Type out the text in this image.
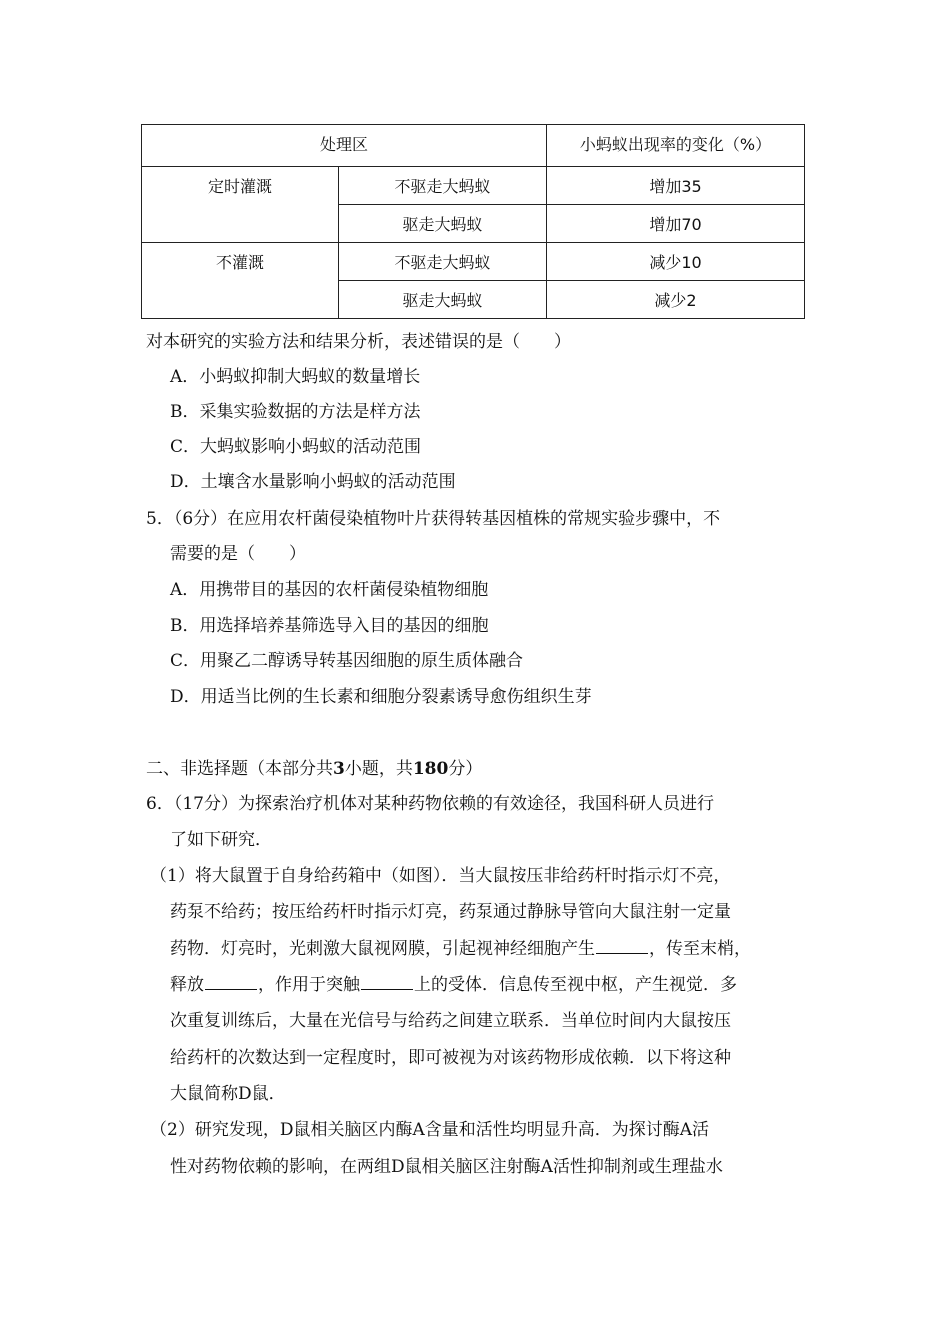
处理区		小蚂蚁出现率的变化（%）
定时灌溉	不驱走大蚂蚁	增加35
	驱走大蚂蚁	增加70
不灌溉	不驱走大蚂蚁	减少10
	驱走大蚂蚁	减少2
对本研究的实验方法和结果分析，表述错误的是（　　）
A．小蚂蚁抑制大蚂蚁的数量增长
B．采集实验数据的方法是样方法
C．大蚂蚁影响小蚂蚁的活动范围
D．土壤含水量影响小蚂蚁的活动范围
5．（6分）在应用农杆菌侵染植物叶片获得转基因植株的常规实验步骤中，不
需要的是（　　）
A．用携带目的基因的农杆菌侵染植物细胞
B．用选择培养基筛选导入目的基因的细胞
C．用聚乙二醇诱导转基因细胞的原生质体融合
D．用适当比例的生长素和细胞分裂素诱导愈伤组织生芽
二、非选择题（本部分共3小题，共180分）
6．（17分）为探索治疗机体对某种药物依赖的有效途径，我国科研人员进行
了如下研究．
（1）将大鼠置于自身给药箱中（如图）．当大鼠按压非给药杆时指示灯不亮，
药泵不给药；按压给药杆时指示灯亮，药泵通过静脉导管向大鼠注射一定量
药物．灯亮时，光刺激大鼠视网膜，引起视神经细胞产生	，传至末梢，
释放	，作用于突触	上的受体．信息传至视中枢，产生视觉．多
次重复训练后，大量在光信号与给药之间建立联系．当单位时间内大鼠按压
给药杆的次数达到一定程度时，即可被视为对该药物形成依赖．以下将这种
大鼠简称D鼠．
（2）研究发现，D鼠相关脑区内酶A含量和活性均明显升高．为探讨酶A活
性对药物依赖的影响，在两组D鼠相关脑区注射酶A活性抑制剂或生理盐水
